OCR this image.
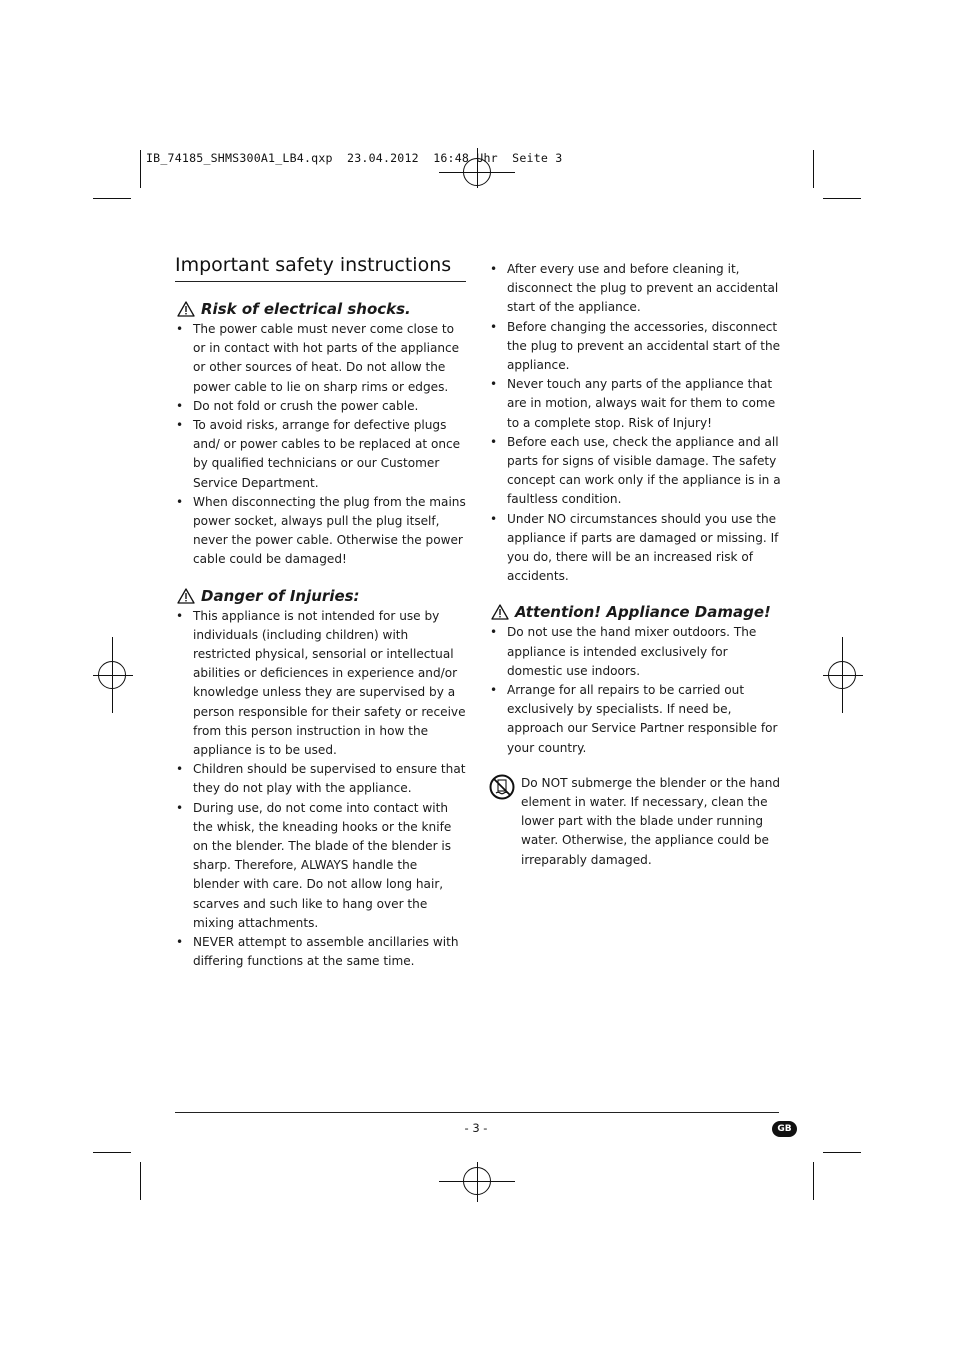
IB_74185_SHMS300A1_LB4.qxp  23.04.2012  16:48 Uhr  Seite 3
Important safety instructions
Risk of electrical shocks.
• The power cable must never come close to or in contact with hot parts of the appliance or other sources of heat. Do not allow the power cable to lie on sharp rims or edges.
• Do not fold or crush the power cable.
• To avoid risks, arrange for defective plugs and/ or power cables to be replaced at once by qualified technicians or our Customer Service Department.
• When disconnecting the plug from the mains power socket, always pull the plug itself, never the power cable. Otherwise the power cable could be damaged!
Danger of Injuries:
• This appliance is not intended for use by individuals (including children) with restricted physical, sensorial or intellectual abilities or deficiences in experience and/or knowledge unless they are supervised by a person responsible for their safety or receive from this person instruction in how the appliance is to be used.
• Children should be supervised to ensure that they do not play with the appliance.
• During use, do not come into contact with the whisk, the kneading hooks or the knife on the blender. The blade of the blender is sharp. Therefore, ALWAYS handle the blender with care. Do not allow long hair, scarves and such like to hang over the mixing attachments.
• NEVER attempt to assemble ancillaries with differing functions at the same time.
• After every use and before cleaning it, disconnect the plug to prevent an accidental start of the appliance.
• Before changing the accessories, disconnect the plug to prevent an accidental start of the appliance.
• Never touch any parts of the appliance that are in motion, always wait for them to come to a complete stop. Risk of Injury!
• Before each use, check the appliance and all parts for signs of visible damage. The safety concept can work only if the appliance is in a faultless condition.
• Under NO circumstances should you use the appliance if parts are damaged or missing. If you do, there will be an increased risk of accidents.
Attention! Appliance Damage!
• Do not use the hand mixer outdoors. The appliance is intended exclusively for domestic use indoors.
• Arrange for all repairs to be carried out exclusively by specialists. If need be, approach our Service Partner responsible for your country.
Do NOT submerge the blender or the hand element in water. If necessary, clean the lower part with the blade under running water. Otherwise, the appliance could be irreparably damaged.
- 3 -	GB
